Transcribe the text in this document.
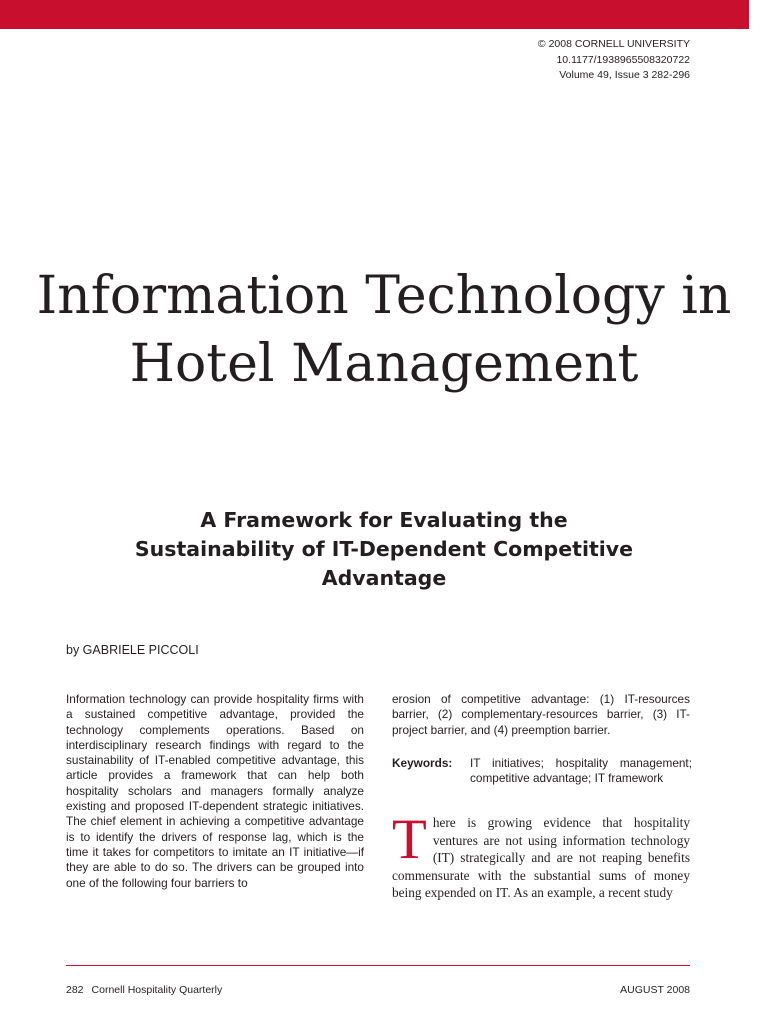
© 2008 CORNELL UNIVERSITY
10.1177/1938965508320722
Volume 49, Issue 3 282-296
Information Technology in Hotel Management
A Framework for Evaluating the Sustainability of IT-Dependent Competitive Advantage
by GABRIELE PICCOLI

Information technology can provide hospitality firms with a sustained competitive advantage, provided the technology complements operations. Based on interdisciplinary research findings with regard to the sustainability of IT-enabled competitive advantage, this article provides a framework that can help both hospitality scholars and managers formally analyze existing and proposed IT-dependent strategic initiatives. The chief element in achieving a competitive advantage is to identify the drivers of response lag, which is the time it takes for competitors to imitate an IT initiative—if they are able to do so. The drivers can be grouped into one of the following four barriers to

erosion of competitive advantage: (1) IT-resources barrier, (2) complementary-resources barrier, (3) IT-project barrier, and (4) preemption barrier.

Keywords:	IT initiatives; hospitality management; competitive advantage; IT framework

There is growing evidence that hospitality ventures are not using information technology (IT) strategically and are not reaping benefits commensurate with the substantial sums of money being expended on IT. As an example, a recent study

282 Cornell Hospitality Quarterly	AUGUST 2008
